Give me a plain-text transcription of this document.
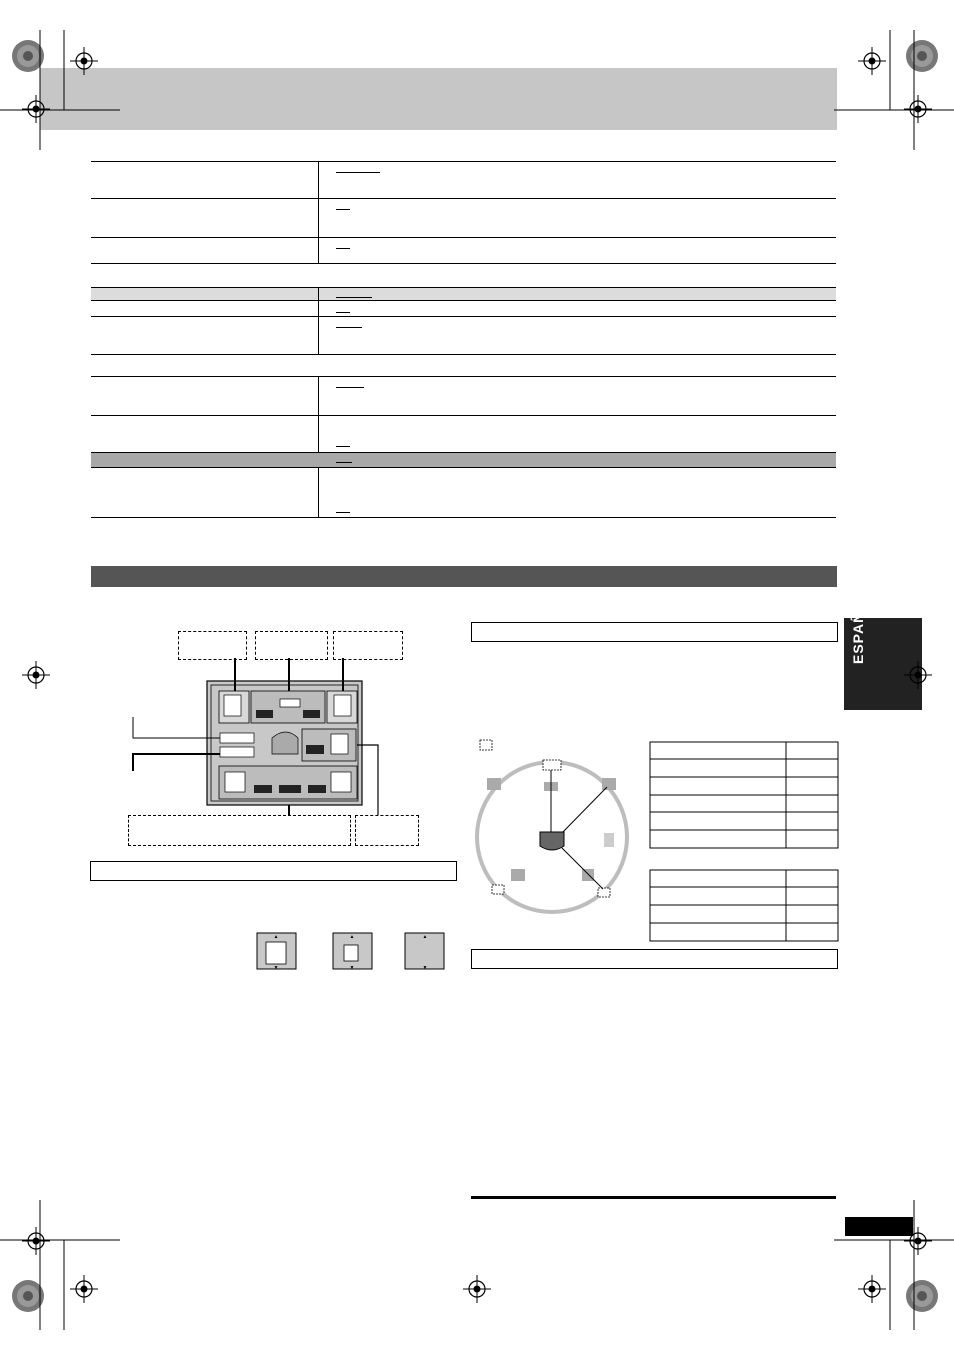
ESPAÑOL
▲
▼
▲
▼
▲
▼
